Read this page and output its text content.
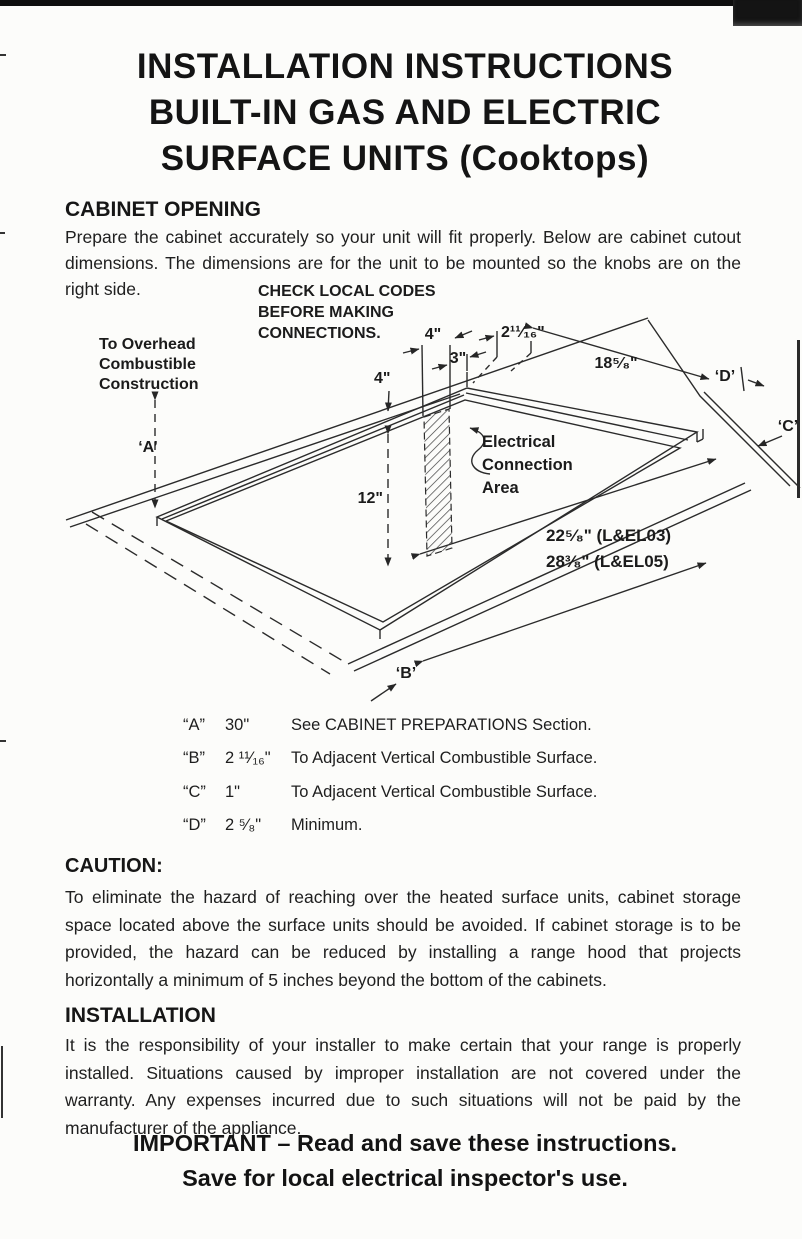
INSTALLATION INSTRUCTIONS
BUILT-IN GAS AND ELECTRIC
SURFACE UNITS (Cooktops)
CABINET OPENING
Prepare the cabinet accurately so your unit will fit properly. Below are cabinet cutout dimensions. The dimensions are for the unit to be mounted so the knobs are on the right side.	CHECK LOCAL CODES
BEFORE MAKING
CONNECTIONS.
To Overhead
Combustible
Construction
4"
3"
2¹¹⁄₁₆"
18⁵⁄₈"
4"
12"
‘A’
‘B’
‘C’
‘D’
Electrical
Connection
Area
22⁵⁄₈" (L&EL03)
28³⁄₈" (L&EL05)
“A” 30"	See CABINET PREPARATIONS Section.
“B” 2 ¹¹⁄₁₆" To Adjacent Vertical Combustible Surface.
“C” 1"	To Adjacent Vertical Combustible Surface.
“D” 2 ⁵⁄₈" Minimum.
CAUTION:
To eliminate the hazard of reaching over the heated surface units, cabinet storage space located above the surface units should be avoided. If cabinet storage is to be provided, the hazard can be reduced by installing a range hood that projects horizontally a minimum of 5 inches beyond the bottom of the cabinets.
INSTALLATION
It is the responsibility of your installer to make certain that your range is properly installed. Situations caused by improper installation are not covered under the warranty. Any expenses incurred due to such situations will not be paid by the manufacturer of the appliance.
IMPORTANT – Read and save these instructions.
Save for local electrical inspector's use.
